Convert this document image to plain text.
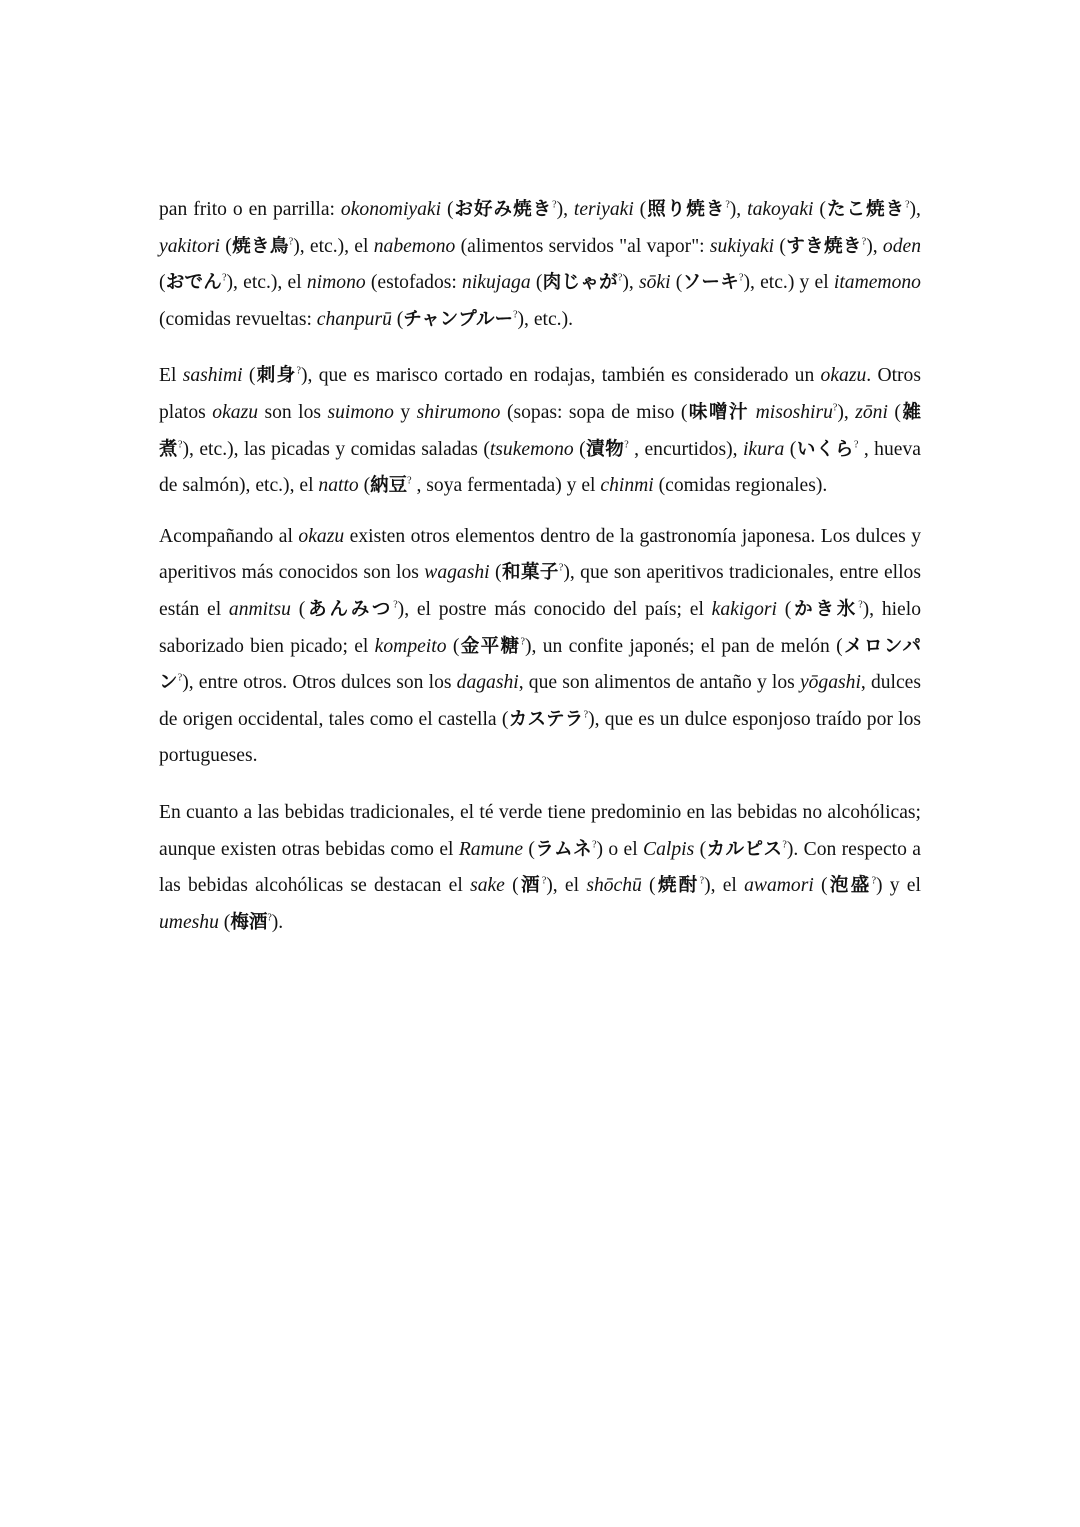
pan frito o en parrilla: okonomiyaki (お好み焼き?), teriyaki (照り焼き?), takoyaki (たこ焼き?), yakitori (焼き鳥?), etc.), el nabemono (alimentos servidos "al vapor": sukiyaki (すき焼き?), oden (おでん?), etc.), el nimono (estofados: nikujaga (肉じゃが?), sōki (ソーキ?), etc.) y el itamemono (comidas revueltas: chanpurū (チャンプルー?), etc.).

El sashimi (刺身?), que es marisco cortado en rodajas, también es considerado un okazu. Otros platos okazu son los suimono y shirumono (sopas: sopa de miso (味噌汁 misoshiru?), zōni (雑煮?), etc.), las picadas y comidas saladas (tsukemono (漬物? , encurtidos), ikura (いくら? , hueva de salmón), etc.), el natto (納豆? , soya fermentada) y el chinmi (comidas regionales).

Acompañando al okazu existen otros elementos dentro de la gastronomía japonesa. Los dulces y aperitivos más conocidos son los wagashi (和菓子?), que son aperitivos tradicionales, entre ellos están el anmitsu (あんみつ?), el postre más conocido del país; el kakigori (かき氷?), hielo saborizado bien picado; el kompeito (金平糖?), un confite japonés; el pan de melón (メロンパン?), entre otros. Otros dulces son los dagashi, que son alimentos de antaño y los yōgashi, dulces de origen occidental, tales como el castella (カステラ?), que es un dulce esponjoso traído por los portugueses.

En cuanto a las bebidas tradicionales, el té verde tiene predominio en las bebidas no alcohólicas; aunque existen otras bebidas como el Ramune (ラムネ?) o el Calpis (カルピス?). Con respecto a las bebidas alcohólicas se destacan el sake (酒?), el shōchū (焼酎?), el awamori (泡盛?) y el umeshu (梅酒?).
